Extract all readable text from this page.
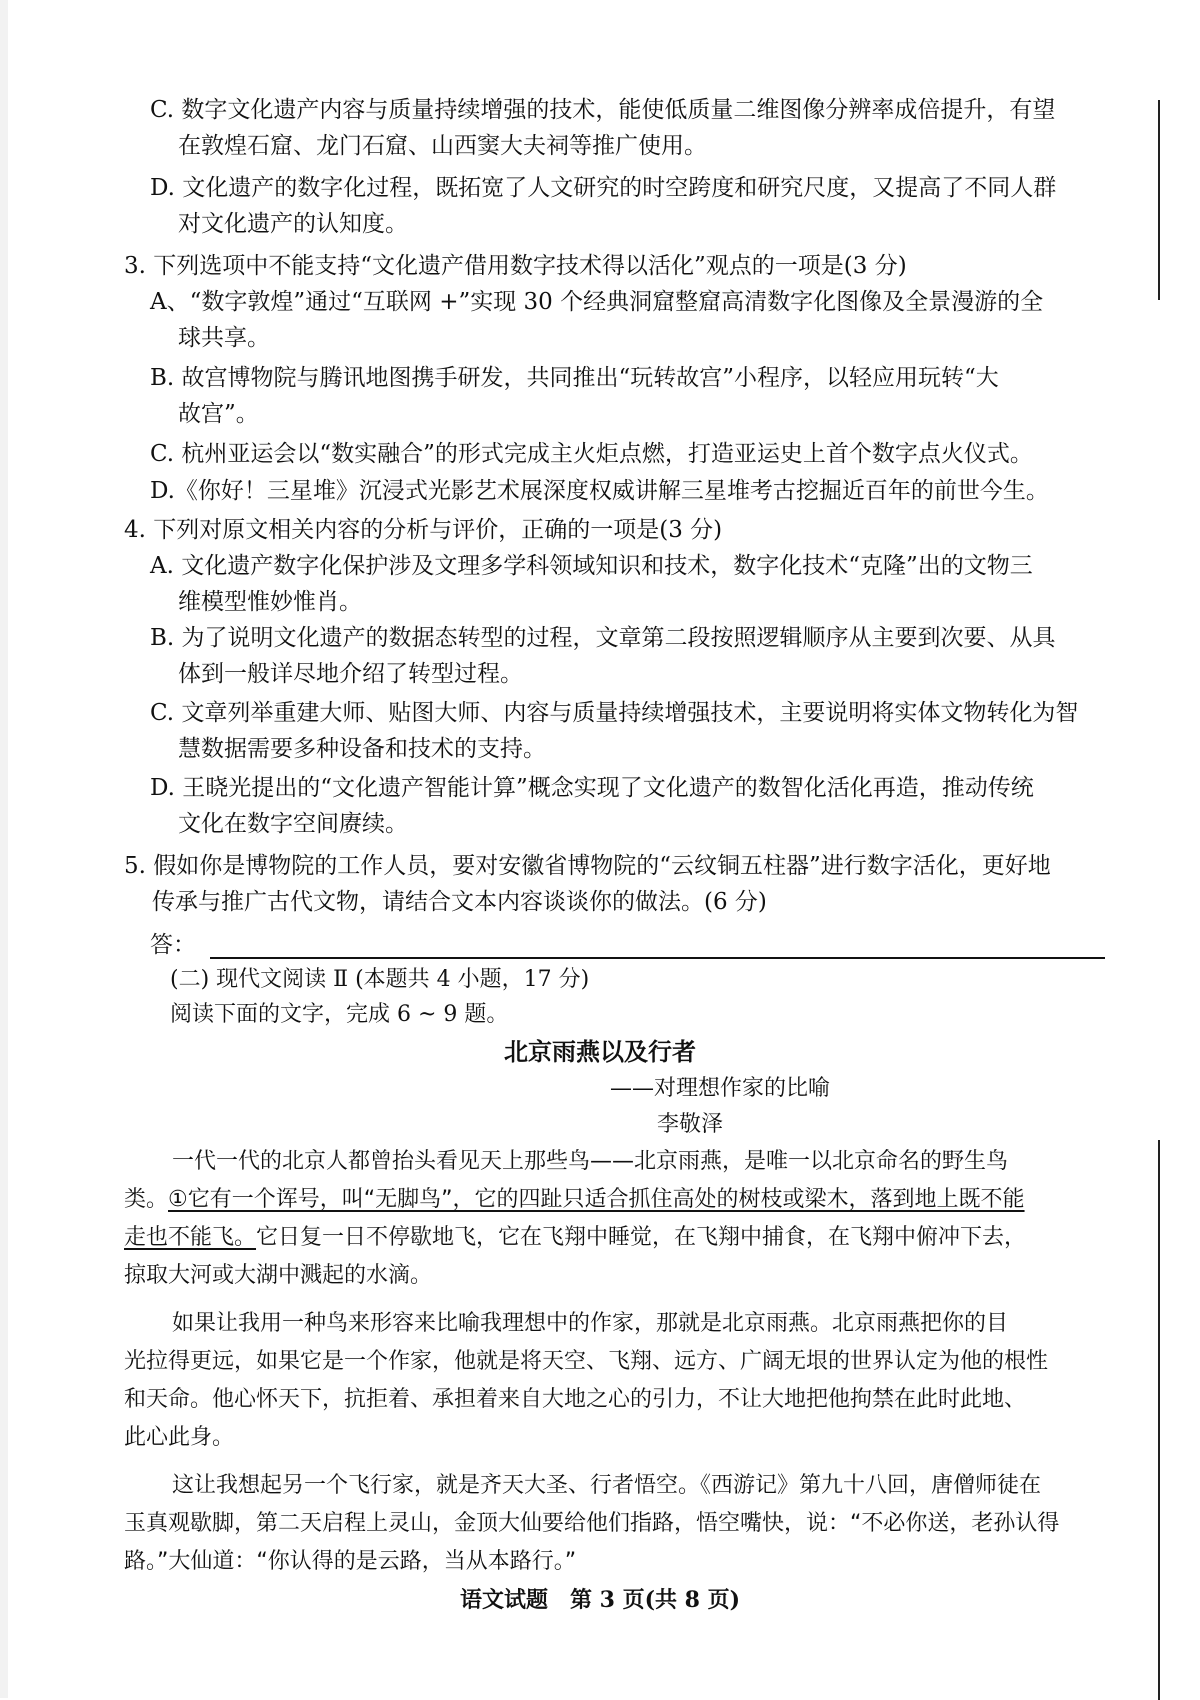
C. 数字文化遗产内容与质量持续增强的技术，能使低质量二维图像分辨率成倍提升，有望
在敦煌石窟、龙门石窟、山西窦大夫祠等推广使用。
D. 文化遗产的数字化过程，既拓宽了人文研究的时空跨度和研究尺度，又提高了不同人群
对文化遗产的认知度。
3. 下列选项中不能支持“文化遗产借用数字技术得以活化”观点的一项是(3 分)
A、“数字敦煌”通过“互联网 +”实现 30 个经典洞窟整窟高清数字化图像及全景漫游的全
球共享。
B. 故宫博物院与腾讯地图携手研发，共同推出“玩转故宫”小程序，以轻应用玩转“大
故宫”。
C. 杭州亚运会以“数实融合”的形式完成主火炬点燃，打造亚运史上首个数字点火仪式。
D.《你好！三星堆》沉浸式光影艺术展深度权威讲解三星堆考古挖掘近百年的前世今生。
4. 下列对原文相关内容的分析与评价，正确的一项是(3 分)
A. 文化遗产数字化保护涉及文理多学科领域知识和技术，数字化技术“克隆”出的文物三
维模型惟妙惟肖。
B. 为了说明文化遗产的数据态转型的过程，文章第二段按照逻辑顺序从主要到次要、从具
体到一般详尽地介绍了转型过程。
C. 文章列举重建大师、贴图大师、内容与质量持续增强技术，主要说明将实体文物转化为智
慧数据需要多种设备和技术的支持。
D. 王晓光提出的“文化遗产智能计算”概念实现了文化遗产的数智化活化再造，推动传统
文化在数字空间赓续。
5. 假如你是博物院的工作人员，要对安徽省博物院的“云纹铜五柱器”进行数字活化，更好地
传承与推广古代文物，请结合文本内容谈谈你的做法。(6 分)
答：
(二) 现代文阅读 Ⅱ (本题共 4 小题，17 分)
阅读下面的文字，完成 6 ~ 9 题。
北京雨燕以及行者
——对理想作家的比喻
李敬泽
一代一代的北京人都曾抬头看见天上那些鸟——北京雨燕，是唯一以北京命名的野生鸟
类。①它有一个诨号，叫“无脚鸟”，它的四趾只适合抓住高处的树枝或梁木，落到地上既不能
走也不能飞。它日复一日不停歇地飞，它在飞翔中睡觉，在飞翔中捕食，在飞翔中俯冲下去，
掠取大河或大湖中溅起的水滴。
如果让我用一种鸟来形容来比喻我理想中的作家，那就是北京雨燕。北京雨燕把你的目
光拉得更远，如果它是一个作家，他就是将天空、飞翔、远方、广阔无垠的世界认定为他的根性
和天命。他心怀天下，抗拒着、承担着来自大地之心的引力，不让大地把他拘禁在此时此地、
此心此身。
这让我想起另一个飞行家，就是齐天大圣、行者悟空。《西游记》第九十八回，唐僧师徒在
玉真观歇脚，第二天启程上灵山，金顶大仙要给他们指路，悟空嘴快，说：“不必你送，老孙认得
路。”大仙道：“你认得的是云路，当从本路行。”
语文试题　第 3 页(共 8 页)
